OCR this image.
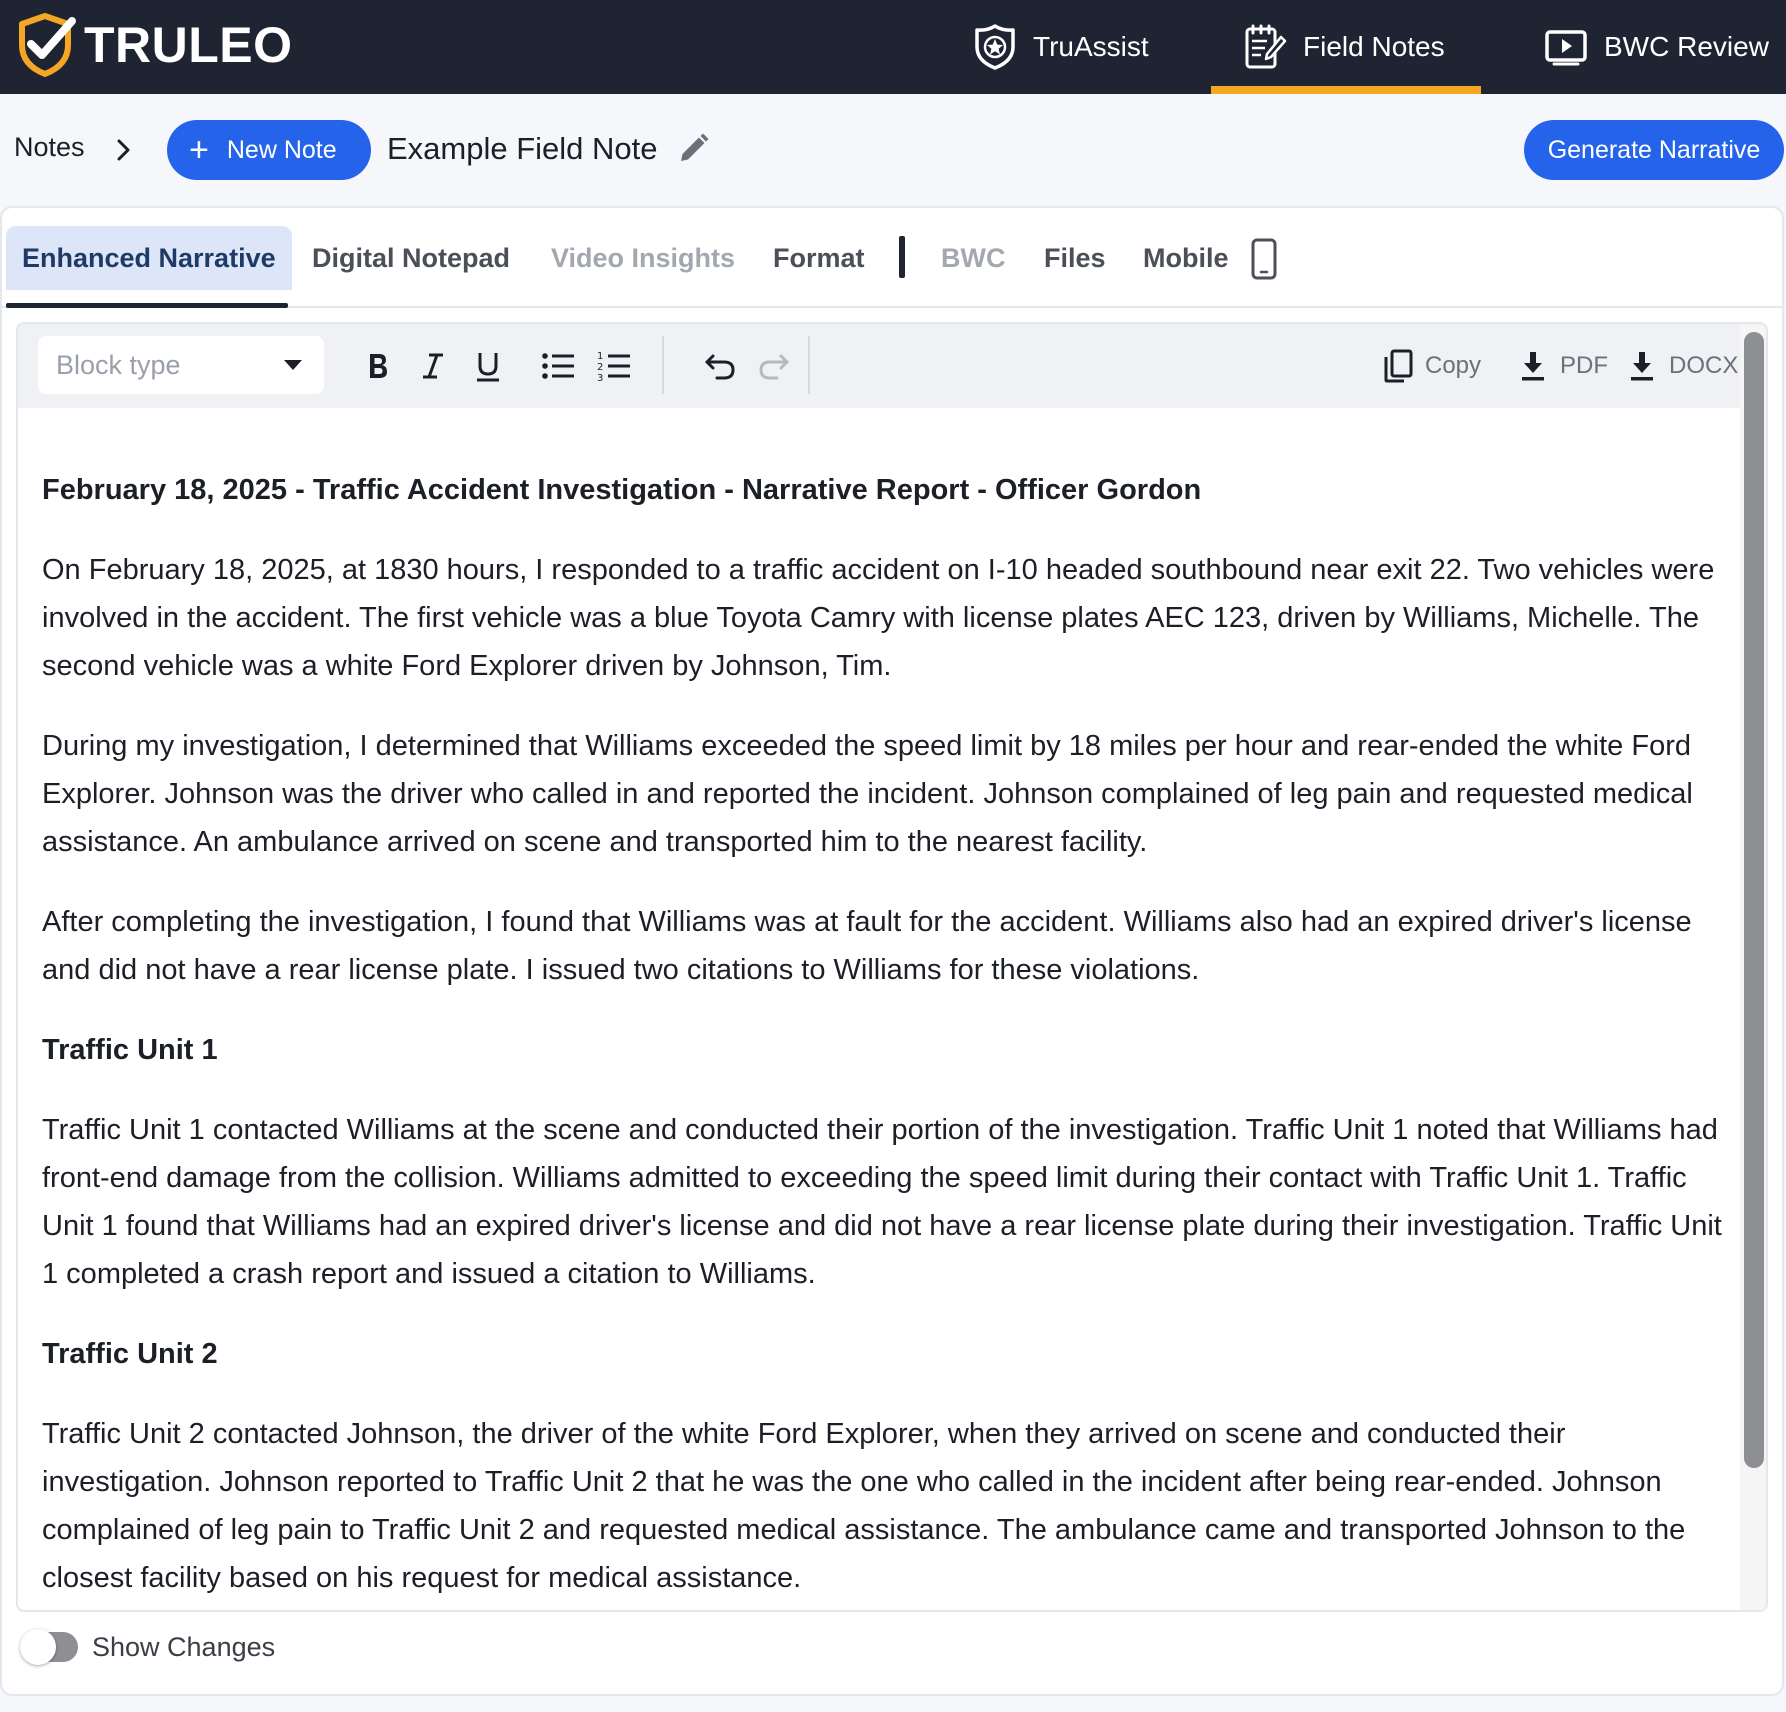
TRULEO	TruAssist	Field Notes	BWC Review
Notes	+ New Note Example Field Note	Generate Narrative
Enhanced Narrative	Digital Notepad Video Insights Format	BWC Files Mobile
Block type	1
2
3	Copy	PDF	DOCX
February 18, 2025 - Traffic Accident Investigation - Narrative Report - Officer Gordon

On February 18, 2025, at 1830 hours, I responded to a traffic accident on I-10 headed southbound near exit 22. Two vehicles were involved in the accident. The first vehicle was a blue Toyota Camry with license plates AEC 123, driven by Williams, Michelle. The second vehicle was a white Ford Explorer driven by Johnson, Tim.

During my investigation, I determined that Williams exceeded the speed limit by 18 miles per hour and rear-ended the white Ford Explorer. Johnson was the driver who called in and reported the incident. Johnson complained of leg pain and requested medical assistance. An ambulance arrived on scene and transported him to the nearest facility.

After completing the investigation, I found that Williams was at fault for the accident. Williams also had an expired driver's license and did not have a rear license plate. I issued two citations to Williams for these violations.

Traffic Unit 1

Traffic Unit 1 contacted Williams at the scene and conducted their portion of the investigation. Traffic Unit 1 noted that Williams had front-end damage from the collision. Williams admitted to exceeding the speed limit during their contact with Traffic Unit 1. Traffic Unit 1 found that Williams had an expired driver's license and did not have a rear license plate during their investigation. Traffic Unit 1 completed a crash report and issued a citation to Williams.

Traffic Unit 2

Traffic Unit 2 contacted Johnson, the driver of the white Ford Explorer, when they arrived on scene and conducted their investigation. Johnson reported to Traffic Unit 2 that he was the one who called in the incident after being rear-ended. Johnson complained of leg pain to Traffic Unit 2 and requested medical assistance. The ambulance came and transported Johnson to the closest facility based on his request for medical assistance.

Show Changes
